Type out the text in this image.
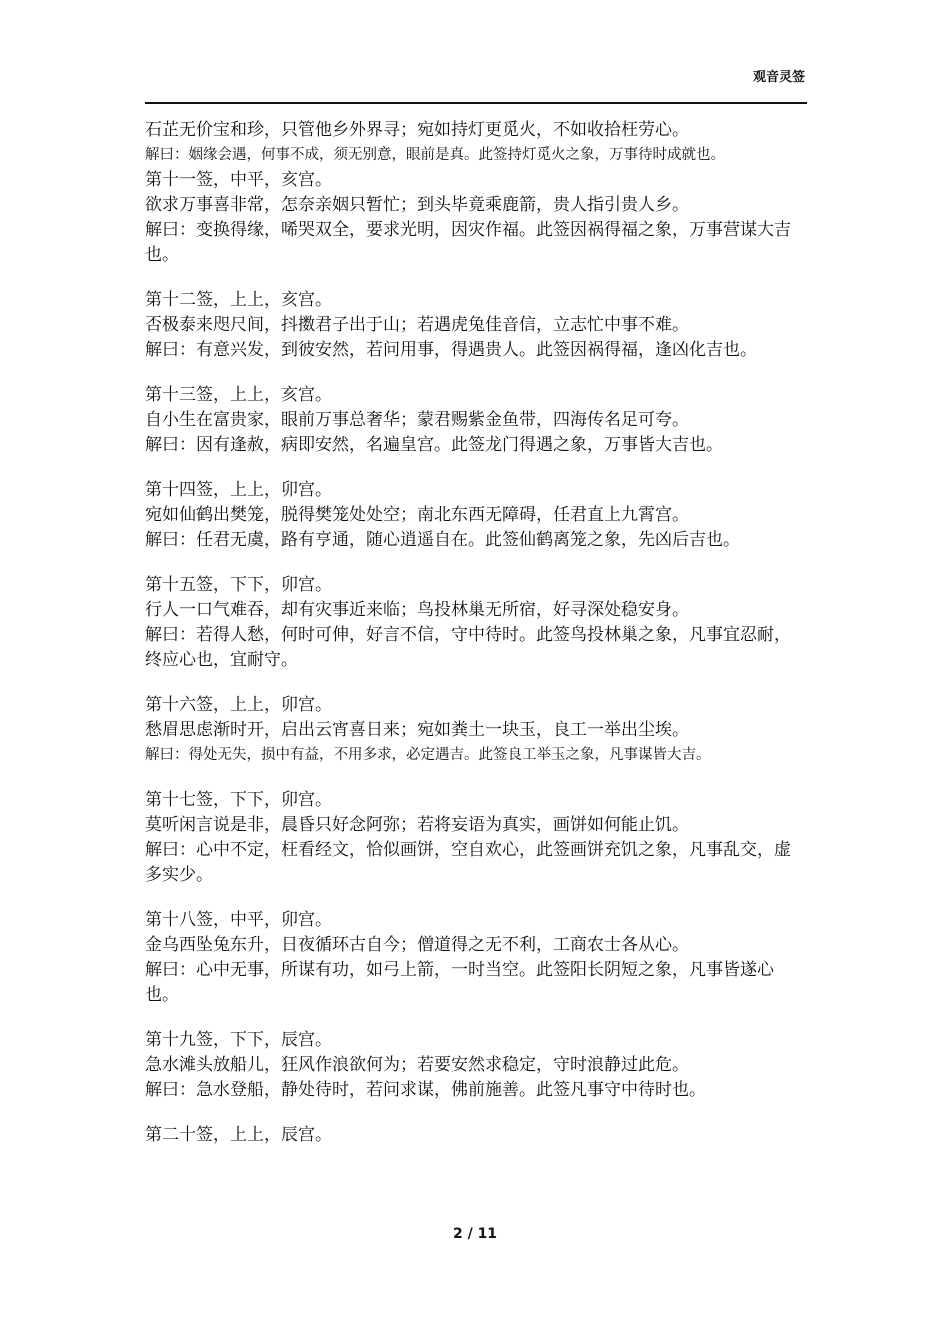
观音灵签
石芷无价宝和珍，只管他乡外界寻；宛如持灯更觅火，不如收拾枉劳心。
解曰：姻缘会遇，何事不成，须无别意，眼前是真。此签持灯觅火之象，万事待时成就也。
第十一签，中平，亥宫。
欲求万事喜非常，怎奈亲姻只暂忙；到头毕竟乘鹿箭，贵人指引贵人乡。
解曰：变换得缘，唏哭双全，要求光明，因灾作福。此签因祸得福之象，万事营谋大吉也。
第十二签，上上，亥宫。
否极泰来咫尺间，抖擞君子出于山；若遇虎兔佳音信，立志忙中事不难。
解曰：有意兴发，到彼安然，若问用事，得遇贵人。此签因祸得福，逢凶化吉也。
第十三签，上上，亥宫。
自小生在富贵家，眼前万事总奢华；蒙君赐紫金鱼带，四海传名足可夸。
解曰：因有逢赦，病即安然，名遍皇宫。此签龙门得遇之象，万事皆大吉也。
第十四签，上上，卯宫。
宛如仙鹤出樊笼，脱得樊笼处处空；南北东西无障碍，任君直上九霄宫。
解曰：任君无虞，路有亨通，随心逍遥自在。此签仙鹤离笼之象，先凶后吉也。
第十五签，下下，卯宫。
行人一口气难吞，却有灾事近来临；鸟投林巢无所宿，好寻深处稳安身。
解曰：若得人愁，何时可伸，好言不信，守中待时。此签鸟投林巢之象，凡事宜忍耐，终应心也，宜耐守。
第十六签，上上，卯宫。
愁眉思虑渐时开，启出云宵喜日来；宛如粪土一块玉，良工一举出尘埃。
解曰：得处无失，损中有益，不用多求，必定遇吉。此签良工举玉之象，凡事谋皆大吉。
第十七签，下下，卯宫。
莫听闲言说是非，晨昏只好念阿弥；若将妄语为真实，画饼如何能止饥。
解曰：心中不定，枉看经文，恰似画饼，空自欢心，此签画饼充饥之象，凡事乱交，虚多实少。
第十八签，中平，卯宫。
金乌西坠兔东升，日夜循环古自今；僧道得之无不利，工商农士各从心。
解曰：心中无事，所谋有功，如弓上箭，一时当空。此签阳长阴短之象，凡事皆遂心也。
第十九签，下下，辰宫。
急水滩头放船儿，狂风作浪欲何为；若要安然求稳定，守时浪静过此危。
解曰：急水登船，静处待时，若问求谋，佛前施善。此签凡事守中待时也。
第二十签，上上，辰宫。
2 / 11
